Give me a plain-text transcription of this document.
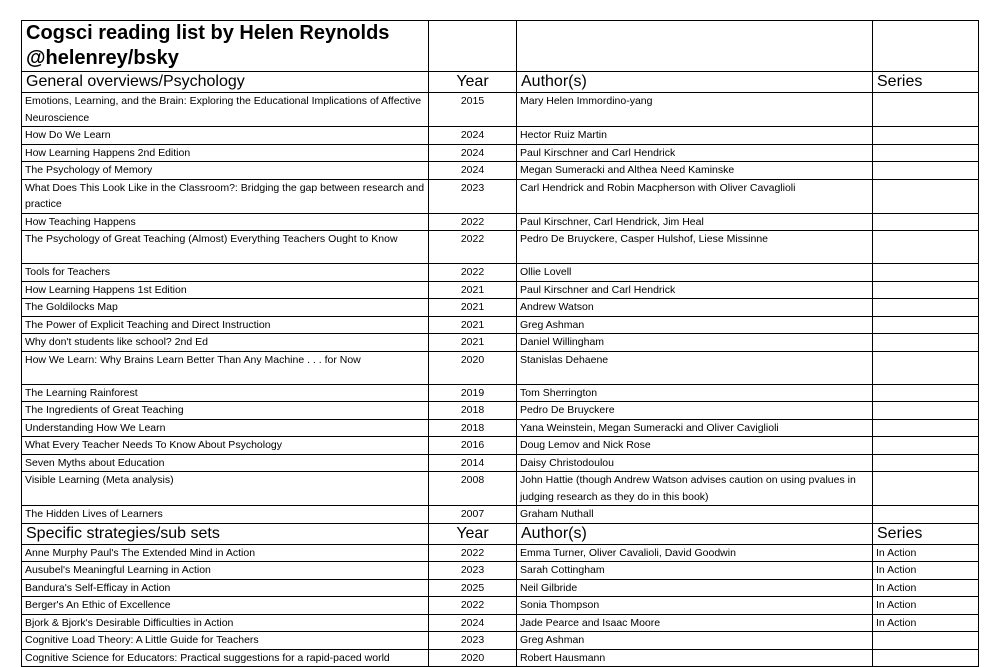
Cogsci reading list by Helen Reynolds @helenrey/bsky			
General overviews/Psychology	Year	Author(s)	Series
Emotions, Learning, and the Brain: Exploring the Educational Implications of Affective Neuroscience	2015	Mary Helen Immordino-yang	
How Do We Learn	2024	Hector Ruiz Martin	
How Learning Happens 2nd Edition	2024	Paul Kirschner and Carl Hendrick	
The Psychology of Memory	2024	Megan Sumeracki and Althea Need Kaminske	
What Does This Look Like in the Classroom?: Bridging the gap between research and practice	2023	Carl Hendrick and Robin Macpherson with Oliver Cavaglioli	
How Teaching Happens	2022	Paul Kirschner, Carl Hendrick, Jim Heal	
The Psychology of Great Teaching (Almost) Everything Teachers Ought to Know	2022	Pedro De Bruyckere, Casper Hulshof, Liese Missinne	
Tools for Teachers	2022	Ollie Lovell	
How Learning Happens 1st Edition	2021	Paul Kirschner and Carl Hendrick	
The Goldilocks Map	2021	Andrew Watson	
The Power of Explicit Teaching and Direct Instruction	2021	Greg Ashman	
Why don't students like school? 2nd Ed	2021	Daniel Willingham	
How We Learn: Why Brains Learn Better Than Any Machine . . . for Now	2020	Stanislas Dehaene	
The Learning Rainforest	2019	Tom Sherrington	
The Ingredients of Great Teaching	2018	Pedro De Bruyckere	
Understanding How We Learn	2018	Yana Weinstein, Megan Sumeracki and Oliver Caviglioli	
What Every Teacher Needs To Know About Psychology	2016	Doug Lemov and Nick Rose	
Seven Myths about Education	2014	Daisy Christodoulou	
Visible Learning (Meta analysis)	2008	John Hattie (though Andrew Watson advises caution on using pvalues in judging research as they do in this book)	
The Hidden Lives of Learners	2007	Graham Nuthall	
Specific strategies/sub sets	Year	Author(s)	Series
Anne Murphy Paul's The Extended Mind in Action	2022	Emma Turner, Oliver Cavalioli, David Goodwin	In Action
Ausubel's Meaningful Learning in Action	2023	Sarah Cottingham	In Action
Bandura's Self-Efficay in Action	2025	Neil Gilbride	In Action
Berger's An Ethic of Excellence	2022	Sonia Thompson	In Action
Bjork & Bjork's Desirable Difficulties in Action	2024	Jade Pearce and Isaac Moore	In Action
Cognitive Load Theory: A Little Guide for Teachers	2023	Greg Ashman	
Cognitive Science for Educators: Practical suggestions for a rapid-paced world	2020	Robert Hausmann	
